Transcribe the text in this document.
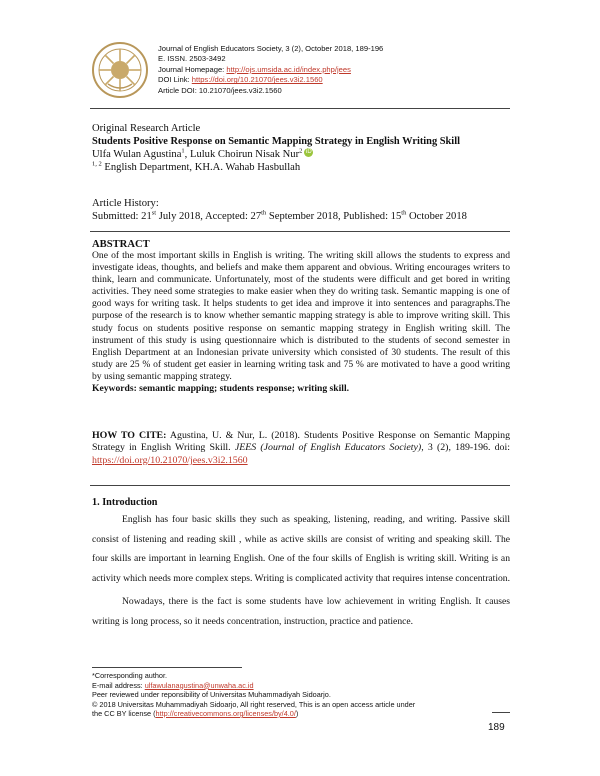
Journal of English Educators Society, 3 (2), October 2018, 189-196
E. ISSN. 2503-3492
Journal Homepage: http://ojs.umsida.ac.id/index.php/jees
DOI Link: https://doi.org/10.21070/jees.v3i2.1560
Article DOI: 10.21070/jees.v3i2.1560
Original Research Article
Students Positive Response on Semantic Mapping Strategy in English Writing Skill
Ulfa Wulan Agustina$^1$, Luluk Choirun Nisak Nur$^2$ iD
$^{1, 2}$ English Department, KH.A. Wahab Hasbullah
Article History:
Submitted: 21st July 2018, Accepted: 27th September 2018, Published: 15th October 2018
ABSTRACT
One of the most important skills in English is writing. The writing skill allows the students to express and investigate ideas, thoughts, and beliefs and make them apparent and obvious. Writing encourages writers to think, learn and communicate. Unfortunately, most of the students were difficult and get bored in writing activities. They need some strategies to make easier when they do writing task. Semantic mapping is one of good ways for writing task. It helps students to get idea and improve it into sentences and paragraphs.The purpose of the research is to know whether semantic mapping strategy is able to improve writing skill. This study focus on students positive response on semantic mapping strategy in English writing skill. The instrument of this study is using questionnaire which is distributed to the students of second semester in English Department at an Indonesian private university which consisted of 30 students. The result of this study are 25 % of student get easier in learning writing task and 75 % are motivated to have a good writing by using semantic mapping strategy.
Keywords: semantic mapping; students response; writing skill.
HOW TO CITE: Agustina, U. & Nur, L. (2018). Students Positive Response on Semantic Mapping Strategy in English Writing Skill. JEES (Journal of English Educators Society), 3 (2), 189-196. doi: https://doi.org/10.21070/jees.v3i2.1560
1. Introduction

English has four basic skills they such as speaking, listening, reading, and writing. Passive skill consist of listening and reading skill , while as active skills are consist of writing and speaking skill. The four skills are important in learning English. One of the four skills of English is writing skill. Writing is an activity which needs more complex steps. Writing is complicated activity that requires intense concentration.

Nowadays, there is the fact is some students have low achievement in writing English. It causes writing is long process, so it needs concentration, instruction, practice and patience.

*Corresponding author.
E-mail address: ulfawulanagustina@unwaha.ac.id
Peer reviewed under reponsibility of Universitas Muhammadiyah Sidoarjo.
© 2018 Universitas Muhammadiyah Sidoarjo, All right reserved, This is an open access article under
the CC BY license (http://creativecommons.org/licenses/by/4.0/)
189
